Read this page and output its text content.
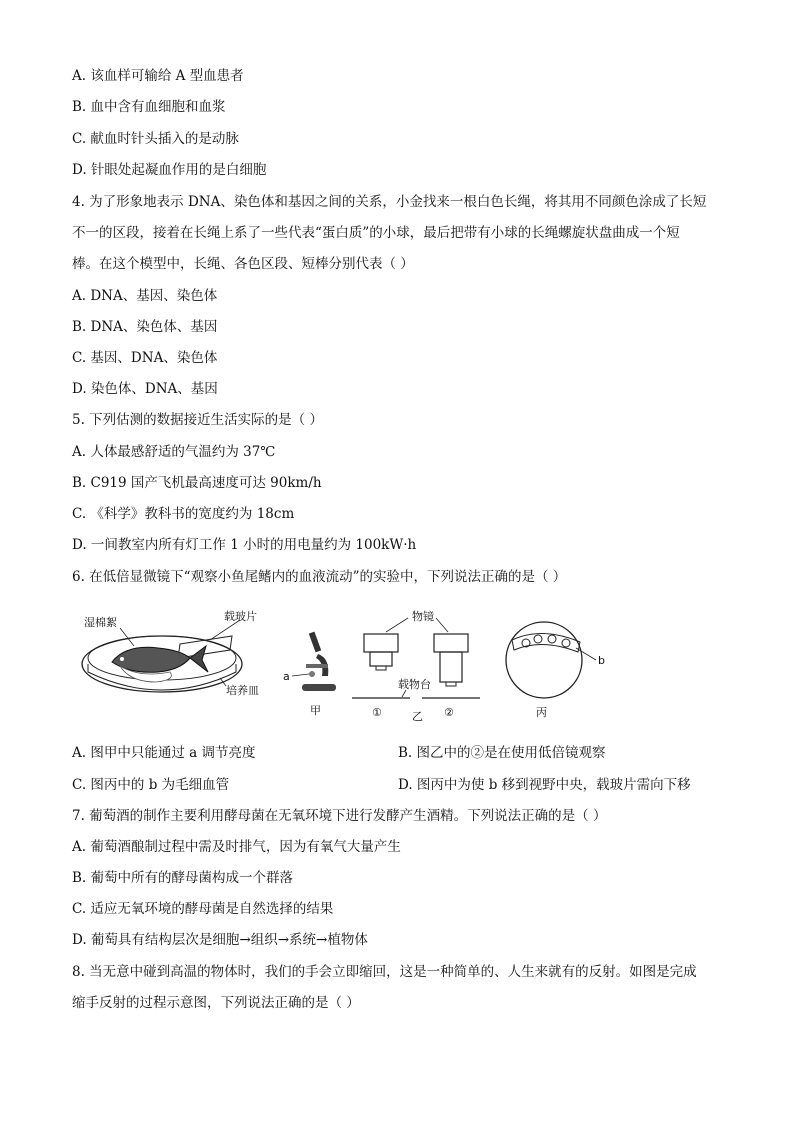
A. 该血样可输给 A 型血患者
B. 血中含有血细胞和血浆
C. 献血时针头插入的是动脉
D. 针眼处起凝血作用的是白细胞
4. 为了形象地表示 DNA、染色体和基因之间的关系，小金找来一根白色长绳，将其用不同颜色涂成了长短
不一的区段，接着在长绳上系了一些代表“蛋白质”的小球，最后把带有小球的长绳螺旋状盘曲成一个短
棒。在这个模型中，长绳、各色区段、短棒分别代表（ ）
A. DNA、基因、染色体
B. DNA、染色体、基因
C. 基因、DNA、染色体
D. 染色体、DNA、基因
5. 下列估测的数据接近生活实际的是（ ）
A. 人体最感舒适的气温约为 37℃
B. C919 国产飞机最高速度可达 90km/h
C. 《科学》教科书的宽度约为 18cm
D. 一间教室内所有灯工作 1 小时的用电量约为 100kW·h
6. 在低倍显微镜下“观察小鱼尾鳍内的血液流动”的实验中，下列说法正确的是（ ）
湿棉絮	载玻片
培养皿
a
甲
物镜
载物台
①	乙 ②
b
丙
A. 图甲中只能通过 a 调节亮度	B. 图乙中的②是在使用低倍镜观察
C. 图丙中的 b 为毛细血管	D. 图丙中为使 b 移到视野中央，载玻片需向下移
7. 葡萄酒的制作主要利用酵母菌在无氧环境下进行发酵产生酒精。下列说法正确的是（ ）
A. 葡萄酒酿制过程中需及时排气，因为有氧气大量产生
B. 葡萄中所有的酵母菌构成一个群落
C. 适应无氧环境的酵母菌是自然选择的结果
D. 葡萄具有结构层次是细胞→组织→系统→植物体
8. 当无意中碰到高温的物体时，我们的手会立即缩回，这是一种简单的、人生来就有的反射。如图是完成
缩手反射的过程示意图，下列说法正确的是（ ）
